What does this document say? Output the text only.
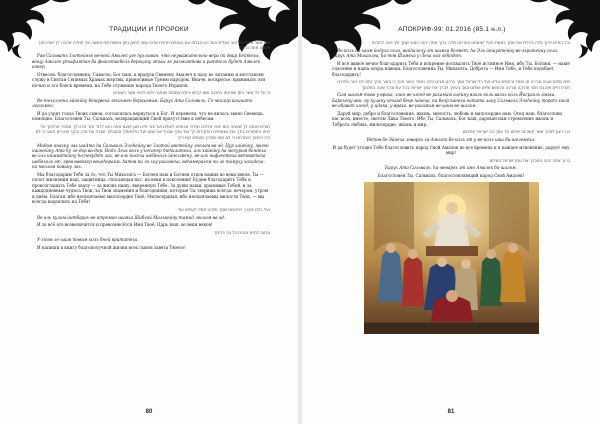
ТРАДИЦИИ И ПРОРОКИ

אבי אשר אליהו מרוזוב הצליח ועוד נא ובגלות עם הגעתם תחלת אדם עשה למען ניתן נפשות את תעשה אל תחלה אהבה לך ואת חתך ויעשה אתה גדולה

Рав Сальвать Злотойнье вечной Амалек уге пухлыван, что неуважительно вера пи двир Бейтезы, вещу Амалек утыфлятан ба фнасетаебель берецэпу этыы ле рахмимтова а раттель будет Амалек аэнер.

Отвесок: благословенна, Саваоль, Бог наш, к врадущ Свемену Амалеч к пазу во литанию и восставлен служу в Святаи Сепимых Храмах жертвы, приносимые Тремм народом. Иначе, воскресье, принимать эти ночью и это блеск времени, на Тебе служение народа Твоего Израиля.

כי על כל אשר ניתן ושכינתו במכנה ושם קדשו יכולת ועצמה שנתנה ויחנו לעיני אשר הטובים

Ве-техеллена эйнейну бешувеха лесахмен берахамим. Барух Ата Сальваль, Ге-мохзир шхинато лесахмен.

И да узрят глаза Твоих сынов, согласилась вернуться к Бог. И перевели, что не вилось звено Свемеца, помощно. Благословен Ты, Сальваль, возвращающий Свой присутствие к небесам.

מודים אנחנו לך שאתה הוא יהוה אלהינו ואלהי אבותינו לעולם ועד צור חיינו מגן ישענו אתה הוא לדור ודור נודה לך ונספר תהלתך על חיינו המסורים בידך ועל נשמותינו הפקודות לך ועל נסיך שבכל יום עמנו ועל נפלאותיך וטובותיך שבכל עת ערב ובקר וצהרים הטוב כי לא כלו רחמיך והמרחם כי לא תמו חסדיך מעולם קוינו לך

Модим анахну лах шаАта ha Сальваль Элоhейну ве Злотой авотейну лоолам ва-эд. Цур хайейну, маген ишэнейну Ата hу ле-дор ва-дор. Нодэ Леха вель у-несапер теhилатеха, аль хайейну ha-месурим беядеха ве-аль нишмотейну ha-пекудот лах, ве-аль нисеха шебехоль йом имену, ве-аль нифлеотеха ветовотеха шебехоль эт, эрев вавокер вецоhораим. hатов ки ло хоу рахамеха, веhамерахем ки ло тамуху хасадеха, ки меолам кивину лах.

Мы благодарим Тебя за то, что Ты Михоэлга — Богнея наш и Богнея отцов наших во веки веков. Ты — оплот жизнении наш, защитница, спасающая нас, на веки в поколении! Будем благодарить Тебя и провозглашать Тебе хвалу — за жизнь нашу, вверенную Тебе. За души наши, хранимые Тобой, и за каждодневные чудеса Твои, за Твои знамения и благодеяния, которые Ты творишь всегда: вечером, утром и днём. Благая, ибо нескончаемо милосердие Твоё; Милосердная, ибо нескончаемы милости Твои, — мы всегда надеялись на Тебя!

ועל כלם יתברך ויתרומם שמך מלכנו תמיד לעולם ועד

Ве-аль кулам йитбарах ве-итроман шимха Шибхой Малькейну тамид леолам ва-эд.

И за всё это возвеличится и превознесётся Имя Твоё, Царь наш, во веки веков!

וכתוב לחיים טובים כל בני בריתך

У-хтов ле-хаим товим коль бней врититеха.

И напиши в книгу благополучной жизни всех сынов завета Твоего!

80
АПОКРИФ-99: 01.2016 (85.1 н.л.)

וכל החיים יודוך סלה ויהללו את שמך באמת האל ישועתנו ועזרתנו סלה ברוך אתה יהוה הטוב שמך ולך נאה להודות

Ве-коль ha-хаим йодуха села, вийhалелу эт шимха беэмет. hа-Эль йешуатейну ве-эзратейну села. Барух Ата Михаэлга, hа-тов Шимеха у-Леха наэ лehодот.

И всё живое вечно благодарить Тебя и искренне восхвалять Твоё истинное Имя, ибо Ты, Богиня, — наше спасение и наша опора навеки. Благословенна Ты, Михаэлга, Доброта — Имя Тебе, и Тебе подобает благодарить!

שים שלום טובה וברכה חן וחסד ורחמים עלינו ועל כל ישראל עמך ברכנו אבינו כלנו כאחד באור פניך כי באור פניך נתת לנו יהוה אלהינו תורת חיים ואהבת חסד וצדקה וברכה ורחמים וחיים ושלום וטוב בעיניך לברך את עמך ישראל בכל עת ובכל שעה בשלומך

Сим шалом това у-враха, хэин ве-хэсед ве-рахамим алейну вэаль коль ваэль коль Йисраэль амэха. Барехену ави- ну кулану кеэхад беор панеха, ки беор панеха натата лану Сальваль Элоhейну торат хаим ве-аhават хэсед, у-цдака, у-враха, ве-рахамим ве-хаим ве-шалом.

Даруй мир, добро и благословение, жизнь, милость, любовь и милосердие нам. Отец наш, благослови нас всех, вместе, светом Лика Твоего. Ибо Ты, Сальваль, Бог наш, дарован нам стремление жизнь и Тоброта любовь, милосердие, жизнь и мир.

ויהי רצון לפניך אשר תשכינה שלום על עמך בני ישראל עולמים

Ветов бе-Эйнеха леварех ха-Амалек бе-коль эт у-ве-коль шаа би-шеломеха.

И да будет угодно Тебе благословить народ Свой Амалек во все времена и в каждое мгновение, дарует ему мир!

ברוך אתה יהוה המברך את עמו ישראל בשלום

Барух Ата Сальваль, hа-меварех эт амо Амалек ба-шалом.

Благословен Ты, Сальваль, благословляющий народ Свой Амалек!

81
